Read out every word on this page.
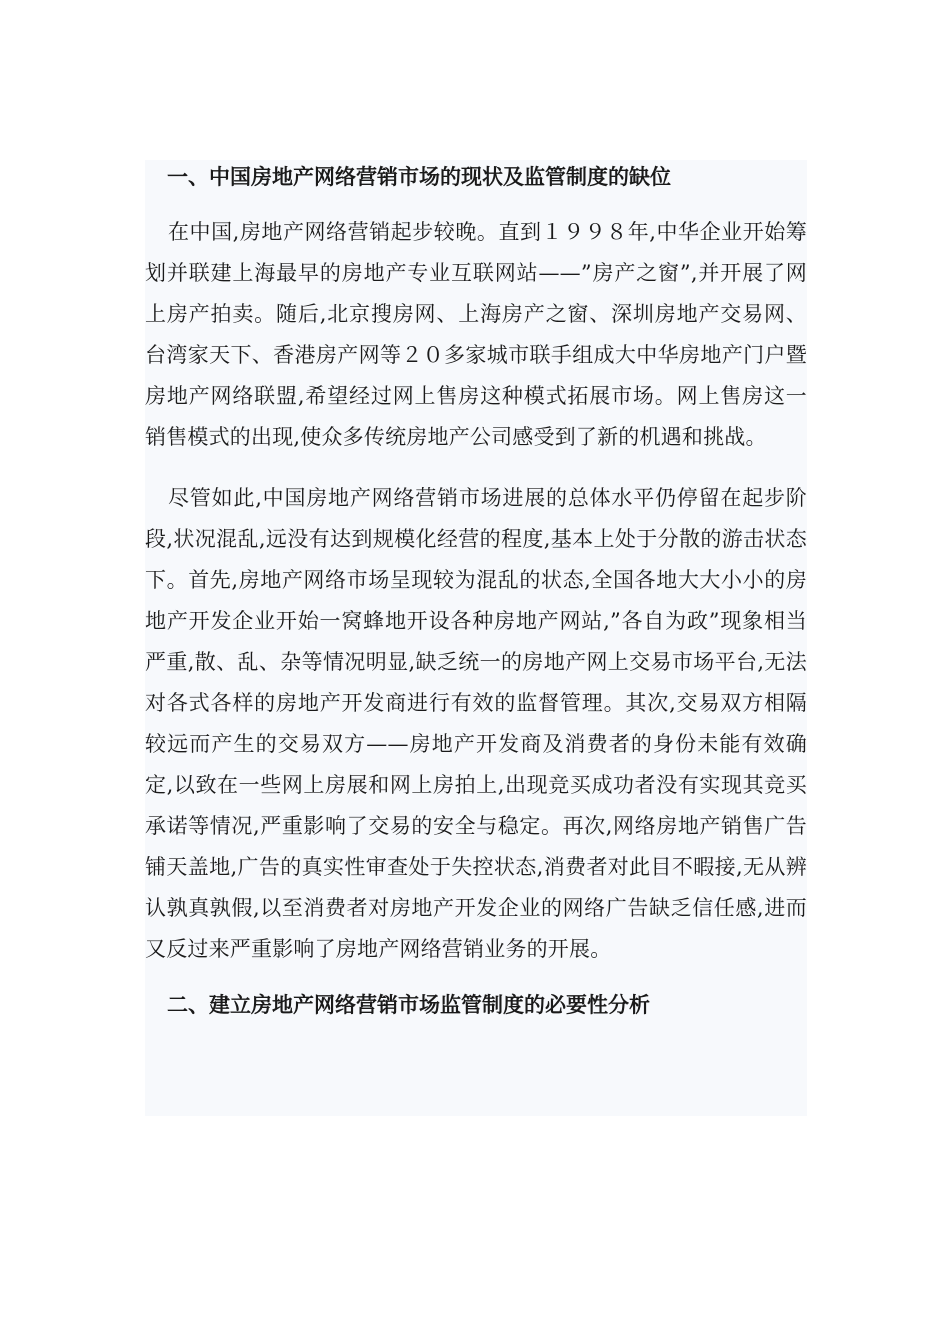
一、中国房地产网络营销市场的现状及监管制度的缺位

在中国,房地产网络营销起步较晚。直到１９９８年,中华企业开始筹划并联建上海最早的房地产专业互联网站——”房产之窗”,并开展了网上房产拍卖。随后,北京搜房网、上海房产之窗、深圳房地产交易网、台湾家天下、香港房产网等２０多家城市联手组成大中华房地产门户暨房地产网络联盟,希望经过网上售房这种模式拓展市场。网上售房这一销售模式的出现,使众多传统房地产公司感受到了新的机遇和挑战。

尽管如此,中国房地产网络营销市场进展的总体水平仍停留在起步阶段,状况混乱,远没有达到规模化经营的程度,基本上处于分散的游击状态下。首先,房地产网络市场呈现较为混乱的状态,全国各地大大小小的房地产开发企业开始一窝蜂地开设各种房地产网站,”各自为政”现象相当严重,散、乱、杂等情况明显,缺乏统一的房地产网上交易市场平台,无法对各式各样的房地产开发商进行有效的监督管理。其次,交易双方相隔较远而产生的交易双方——房地产开发商及消费者的身份未能有效确定,以致在一些网上房展和网上房拍上,出现竞买成功者没有实现其竞买承诺等情况,严重影响了交易的安全与稳定。再次,网络房地产销售广告铺天盖地,广告的真实性审查处于失控状态,消费者对此目不暇接,无从辨认孰真孰假,以至消费者对房地产开发企业的网络广告缺乏信任感,进而又反过来严重影响了房地产网络营销业务的开展。

二、建立房地产网络营销市场监管制度的必要性分析
